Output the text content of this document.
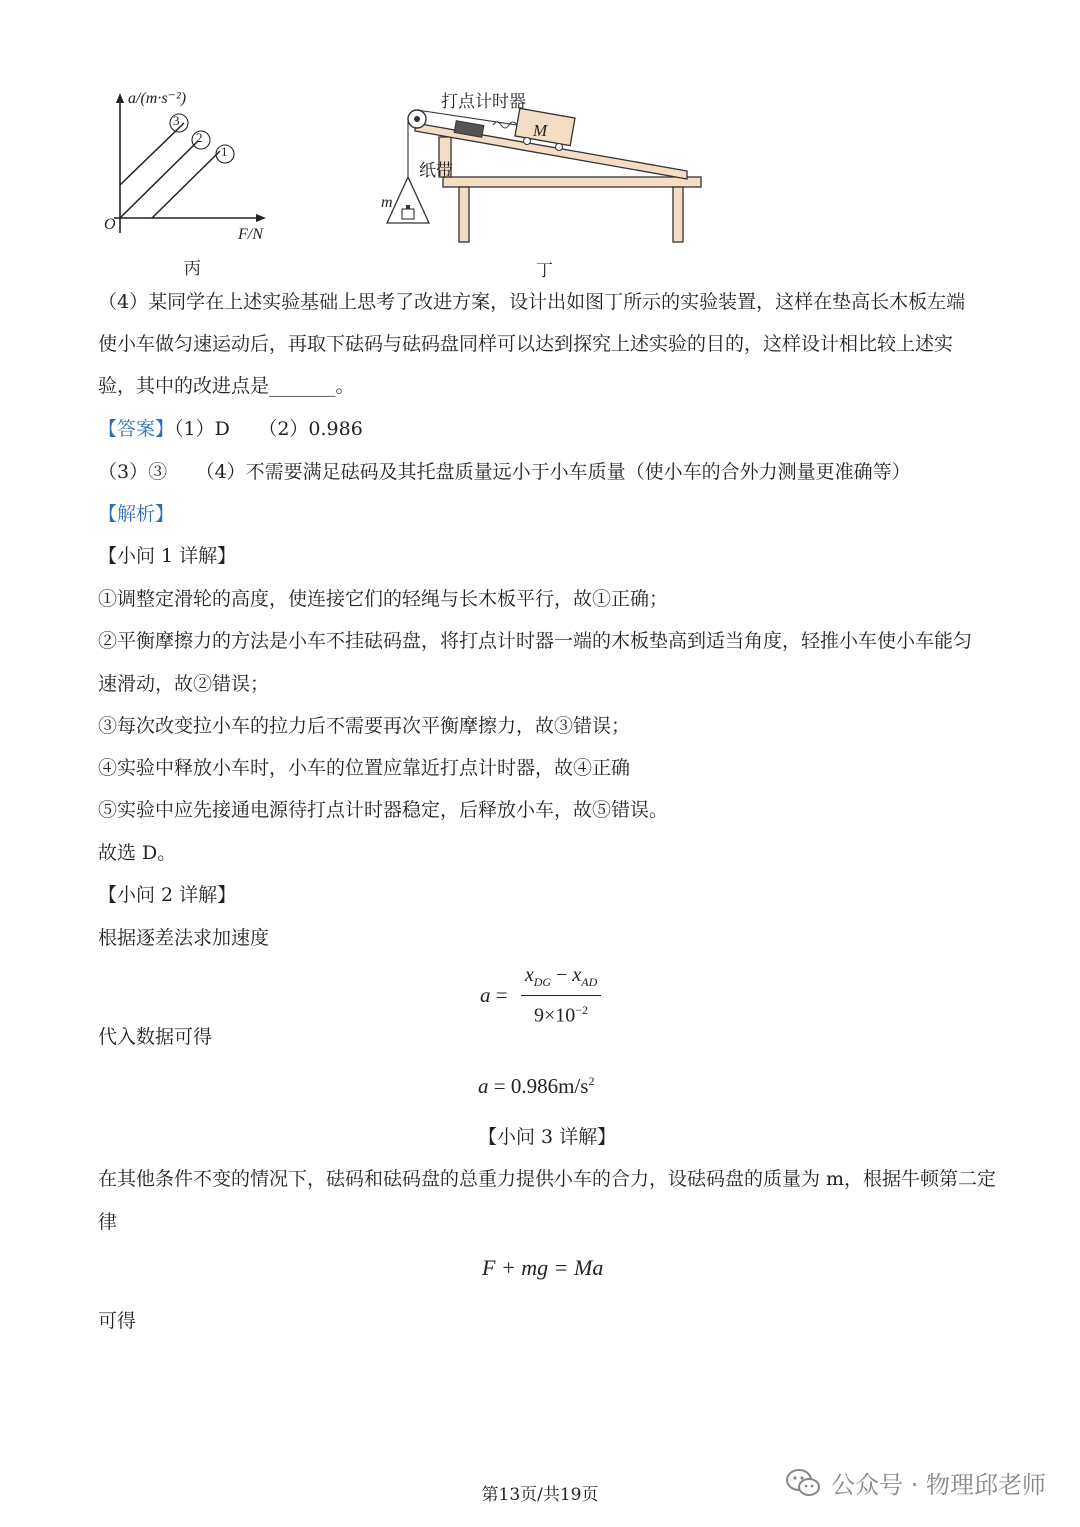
a/(m·s⁻²)
O
F/N
丙
打点计时器
纸带
M
m
丁
3
2
1
（4）某同学在上述实验基础上思考了改进方案，设计出如图丁所示的实验装置，这样在垫高长木板左端
使小车做匀速运动后，再取下砝码与砝码盘同样可以达到探究上述实验的目的，这样设计相比较上述实
验，其中的改进点是_______。
【答案】（1）D　　（2）0.986
（3）③　　（4）不需要满足砝码及其托盘质量远小于小车质量（使小车的合外力测量更准确等）
【解析】
【小问 1 详解】
①调整定滑轮的高度，使连接它们的轻绳与长木板平行，故①正确；
②平衡摩擦力的方法是小车不挂砝码盘，将打点计时器一端的木板垫高到适当角度，轻推小车使小车能匀
速滑动，故②错误；
③每次改变拉小车的拉力后不需要再次平衡摩擦力，故③错误；
④实验中释放小车时，小车的位置应靠近打点计时器，故④正确
⑤实验中应先接通电源待打点计时器稳定，后释放小车，故⑤错误。
故选 D。
【小问 2 详解】
根据逐差法求加速度
$a = \frac{x_{DG} - x_{AD}}{9\times 10^{-2}}$
代入数据可得
$a = 0.986m/s^2$
【小问 3 详解】
在其他条件不变的情况下，砝码和砝码盘的总重力提供小车的合力，设砝码盘的质量为 m，根据牛顿第二定
律
F + mg = Ma
可得
第13页/共19页	公众号 · 物理邱老师
